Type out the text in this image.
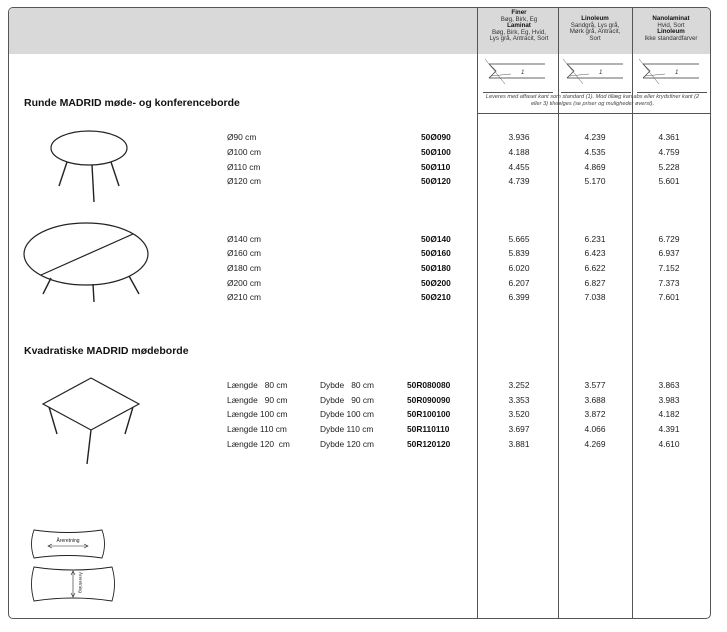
Finer
Bøg, Birk, Eg
Laminat
Bøg, Birk, Eg, Hvid,
Lys grå, Antracit, Sort
Linoleum
Sandgrå, Lys grå,
Mørk grå, Antracit,
Sort
Nanolaminat
Hvid, Sort
Linoleum
Ikke standardfarver
1	1	1
Leveres med affaset kant som standard (1). Mod tillæg kan abs eller krydsfiner kant (2 eller 3) tilvælges (se priser og muligheder øverst).
Runde MADRID møde- og konferenceborde
Ø90 cm	50Ø090	3.936	4.239	4.361
Ø100 cm	50Ø100	4.188	4.535	4.759
Ø110 cm	50Ø110	4.455	4.869	5.228
Ø120 cm	50Ø120	4.739	5.170	5.601
Ø140 cm	50Ø140	5.665	6.231	6.729
Ø160 cm	50Ø160	5.839	6.423	6.937
Ø180 cm	50Ø180	6.020	6.622	7.152
Ø200 cm	50Ø200	6.207	6.827	7.373
Ø210 cm	50Ø210	6.399	7.038	7.601
Kvadratiske MADRID mødeborde
Længde   80 cm	Dybde   80 cm	50R080080	3.252	3.577	3.863
Længde   90 cm	Dybde   90 cm	50R090090	3.353	3.688	3.983
Længde 100 cm	Dybde 100 cm	50R100100	3.520	3.872	4.182
Længde 110 cm	Dybde 110 cm	50R110110	3.697	4.066	4.391
Længde 120  cm	Dybde 120 cm	50R120120	3.881	4.269	4.610
Åreretning
Åreretning
